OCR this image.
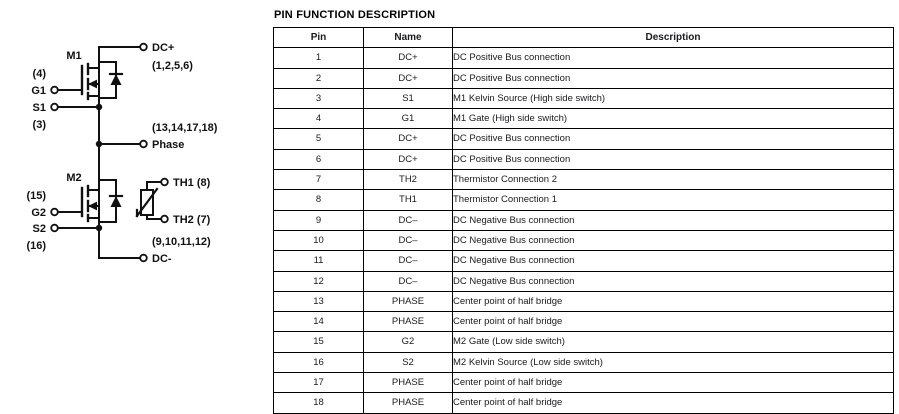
M1
M2
DC+
(1,2,5,6)
Phase
(13,14,17,18)
DC-
(9,10,11,12)
G1
(4)
S1
(3)
G2
(15)
S2
(16)
TH1 (8)
TH2 (7)
PIN FUNCTION DESCRIPTION
Pin	Name	Description
1	DC+	DC Positive Bus connection
2	DC+	DC Positive Bus connection
3	S1	M1 Kelvin Source (High side switch)
4	G1	M1 Gate (High side switch)
5	DC+	DC Positive Bus connection
6	DC+	DC Positive Bus connection
7	TH2	Thermistor Connection 2
8	TH1	Thermistor Connection 1
9	DC–	DC Negative Bus connection
10	DC–	DC Negative Bus connection
11	DC–	DC Negative Bus connection
12	DC–	DC Negative Bus connection
13	PHASE	Center point of half bridge
14	PHASE	Center point of half bridge
15	G2	M2 Gate (Low side switch)
16	S2	M2 Kelvin Source (Low side switch)
17	PHASE	Center point of half bridge
18	PHASE	Center point of half bridge
